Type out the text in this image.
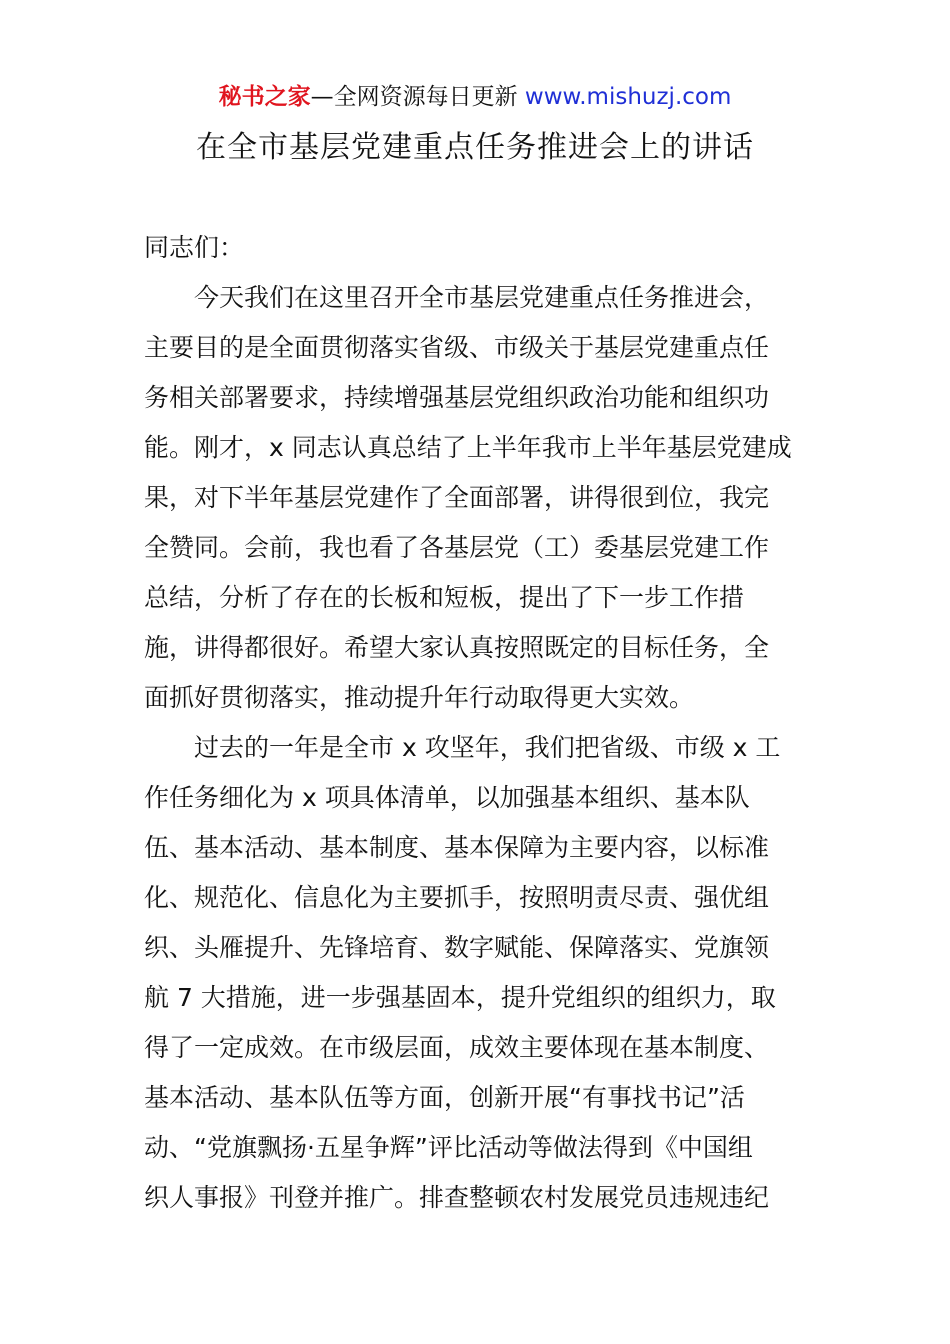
秘书之家—全网资源每日更新 www.mishuzj.com
在全市基层党建重点任务推进会上的讲话
同志们：
　　今天我们在这里召开全市基层党建重点任务推进会，
主要目的是全面贯彻落实省级、市级关于基层党建重点任
务相关部署要求，持续增强基层党组织政治功能和组织功
能。刚才，x 同志认真总结了上半年我市上半年基层党建成
果，对下半年基层党建作了全面部署，讲得很到位，我完
全赞同。会前，我也看了各基层党（工）委基层党建工作
总结，分析了存在的长板和短板，提出了下一步工作措
施，讲得都很好。希望大家认真按照既定的目标任务，全
面抓好贯彻落实，推动提升年行动取得更大实效。
　　过去的一年是全市 x 攻坚年，我们把省级、市级 x 工
作任务细化为 x 项具体清单，以加强基本组织、基本队
伍、基本活动、基本制度、基本保障为主要内容，以标准
化、规范化、信息化为主要抓手，按照明责尽责、强优组
织、头雁提升、先锋培育、数字赋能、保障落实、党旗领
航 7 大措施，进一步强基固本，提升党组织的组织力，取
得了一定成效。在市级层面，成效主要体现在基本制度、
基本活动、基本队伍等方面，创新开展“有事找书记”活
动、“党旗飘扬·五星争辉”评比活动等做法得到《中国组
织人事报》刊登并推广。排查整顿农村发展党员违规违纪
